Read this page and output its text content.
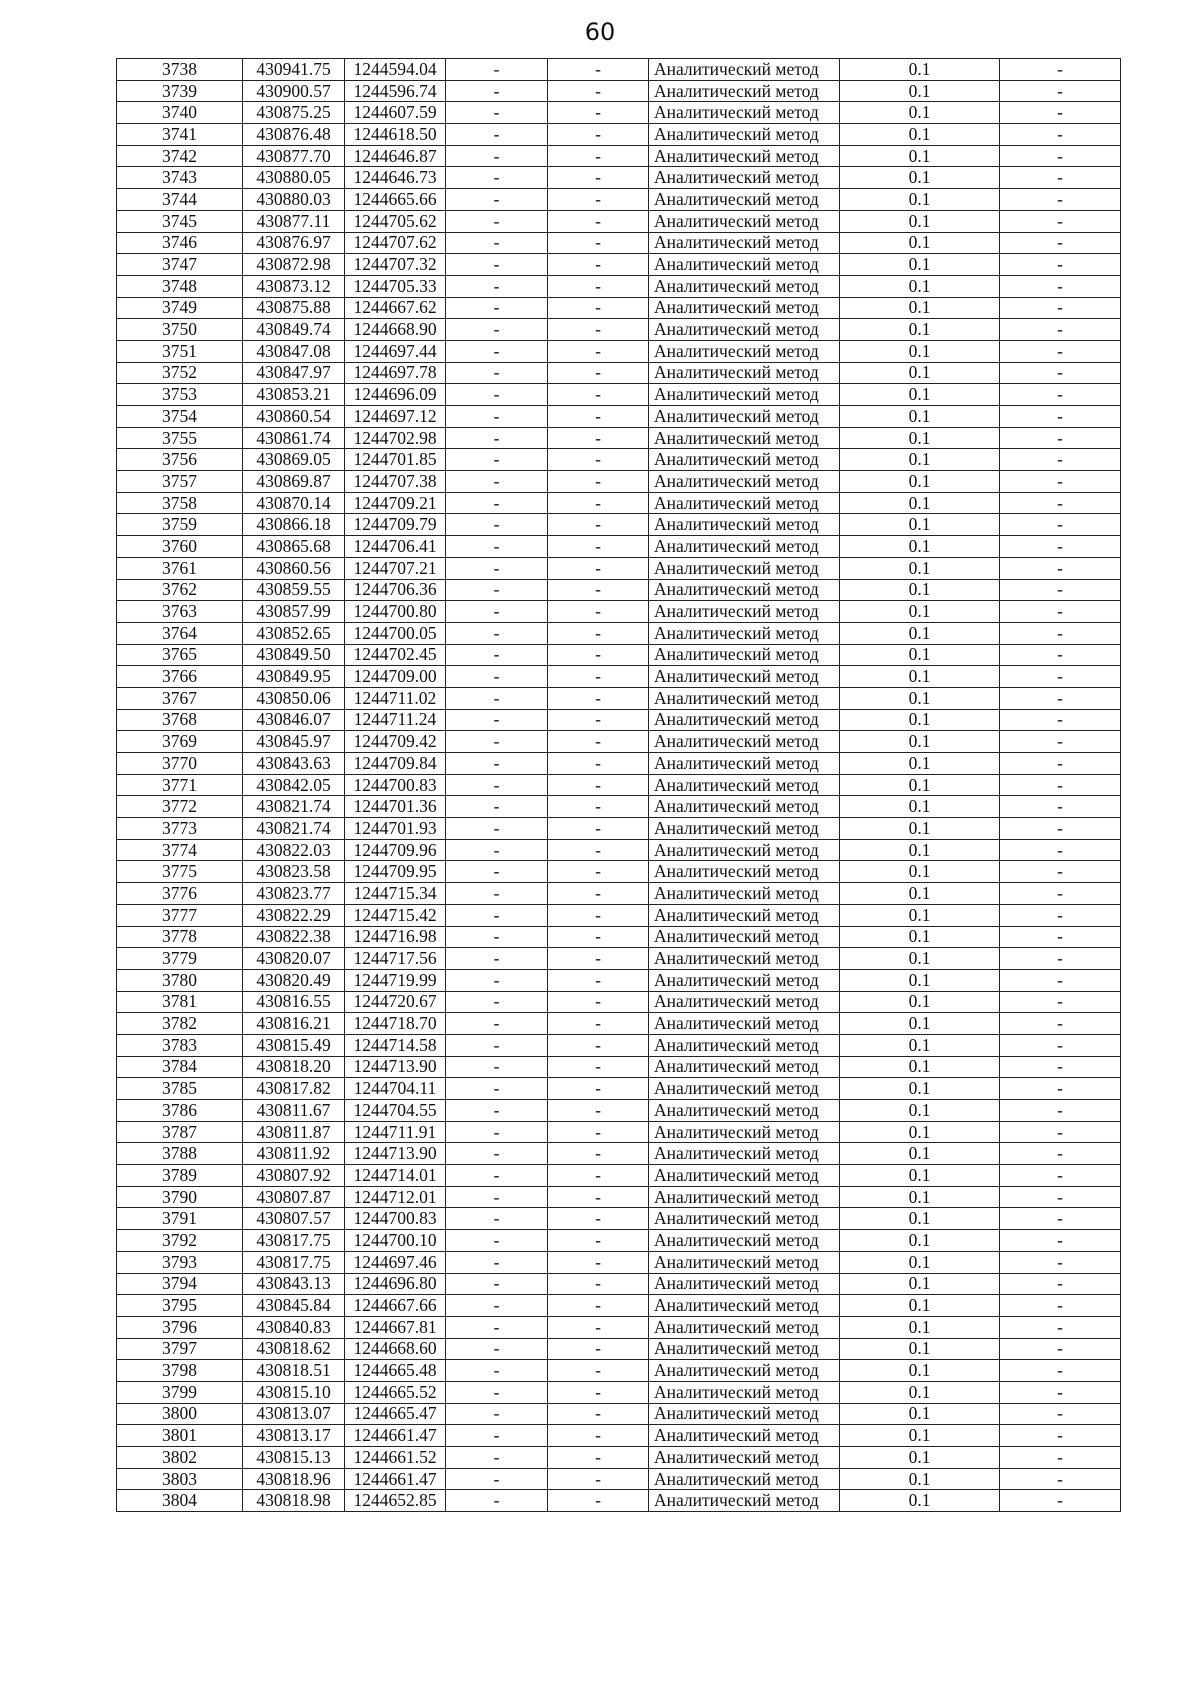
60
3738	430941.75	1244594.04	-	-	Аналитический метод	0.1	-
3739	430900.57	1244596.74	-	-	Аналитический метод	0.1	-
3740	430875.25	1244607.59	-	-	Аналитический метод	0.1	-
3741	430876.48	1244618.50	-	-	Аналитический метод	0.1	-
3742	430877.70	1244646.87	-	-	Аналитический метод	0.1	-
3743	430880.05	1244646.73	-	-	Аналитический метод	0.1	-
3744	430880.03	1244665.66	-	-	Аналитический метод	0.1	-
3745	430877.11	1244705.62	-	-	Аналитический метод	0.1	-
3746	430876.97	1244707.62	-	-	Аналитический метод	0.1	-
3747	430872.98	1244707.32	-	-	Аналитический метод	0.1	-
3748	430873.12	1244705.33	-	-	Аналитический метод	0.1	-
3749	430875.88	1244667.62	-	-	Аналитический метод	0.1	-
3750	430849.74	1244668.90	-	-	Аналитический метод	0.1	-
3751	430847.08	1244697.44	-	-	Аналитический метод	0.1	-
3752	430847.97	1244697.78	-	-	Аналитический метод	0.1	-
3753	430853.21	1244696.09	-	-	Аналитический метод	0.1	-
3754	430860.54	1244697.12	-	-	Аналитический метод	0.1	-
3755	430861.74	1244702.98	-	-	Аналитический метод	0.1	-
3756	430869.05	1244701.85	-	-	Аналитический метод	0.1	-
3757	430869.87	1244707.38	-	-	Аналитический метод	0.1	-
3758	430870.14	1244709.21	-	-	Аналитический метод	0.1	-
3759	430866.18	1244709.79	-	-	Аналитический метод	0.1	-
3760	430865.68	1244706.41	-	-	Аналитический метод	0.1	-
3761	430860.56	1244707.21	-	-	Аналитический метод	0.1	-
3762	430859.55	1244706.36	-	-	Аналитический метод	0.1	-
3763	430857.99	1244700.80	-	-	Аналитический метод	0.1	-
3764	430852.65	1244700.05	-	-	Аналитический метод	0.1	-
3765	430849.50	1244702.45	-	-	Аналитический метод	0.1	-
3766	430849.95	1244709.00	-	-	Аналитический метод	0.1	-
3767	430850.06	1244711.02	-	-	Аналитический метод	0.1	-
3768	430846.07	1244711.24	-	-	Аналитический метод	0.1	-
3769	430845.97	1244709.42	-	-	Аналитический метод	0.1	-
3770	430843.63	1244709.84	-	-	Аналитический метод	0.1	-
3771	430842.05	1244700.83	-	-	Аналитический метод	0.1	-
3772	430821.74	1244701.36	-	-	Аналитический метод	0.1	-
3773	430821.74	1244701.93	-	-	Аналитический метод	0.1	-
3774	430822.03	1244709.96	-	-	Аналитический метод	0.1	-
3775	430823.58	1244709.95	-	-	Аналитический метод	0.1	-
3776	430823.77	1244715.34	-	-	Аналитический метод	0.1	-
3777	430822.29	1244715.42	-	-	Аналитический метод	0.1	-
3778	430822.38	1244716.98	-	-	Аналитический метод	0.1	-
3779	430820.07	1244717.56	-	-	Аналитический метод	0.1	-
3780	430820.49	1244719.99	-	-	Аналитический метод	0.1	-
3781	430816.55	1244720.67	-	-	Аналитический метод	0.1	-
3782	430816.21	1244718.70	-	-	Аналитический метод	0.1	-
3783	430815.49	1244714.58	-	-	Аналитический метод	0.1	-
3784	430818.20	1244713.90	-	-	Аналитический метод	0.1	-
3785	430817.82	1244704.11	-	-	Аналитический метод	0.1	-
3786	430811.67	1244704.55	-	-	Аналитический метод	0.1	-
3787	430811.87	1244711.91	-	-	Аналитический метод	0.1	-
3788	430811.92	1244713.90	-	-	Аналитический метод	0.1	-
3789	430807.92	1244714.01	-	-	Аналитический метод	0.1	-
3790	430807.87	1244712.01	-	-	Аналитический метод	0.1	-
3791	430807.57	1244700.83	-	-	Аналитический метод	0.1	-
3792	430817.75	1244700.10	-	-	Аналитический метод	0.1	-
3793	430817.75	1244697.46	-	-	Аналитический метод	0.1	-
3794	430843.13	1244696.80	-	-	Аналитический метод	0.1	-
3795	430845.84	1244667.66	-	-	Аналитический метод	0.1	-
3796	430840.83	1244667.81	-	-	Аналитический метод	0.1	-
3797	430818.62	1244668.60	-	-	Аналитический метод	0.1	-
3798	430818.51	1244665.48	-	-	Аналитический метод	0.1	-
3799	430815.10	1244665.52	-	-	Аналитический метод	0.1	-
3800	430813.07	1244665.47	-	-	Аналитический метод	0.1	-
3801	430813.17	1244661.47	-	-	Аналитический метод	0.1	-
3802	430815.13	1244661.52	-	-	Аналитический метод	0.1	-
3803	430818.96	1244661.47	-	-	Аналитический метод	0.1	-
3804	430818.98	1244652.85	-	-	Аналитический метод	0.1	-
